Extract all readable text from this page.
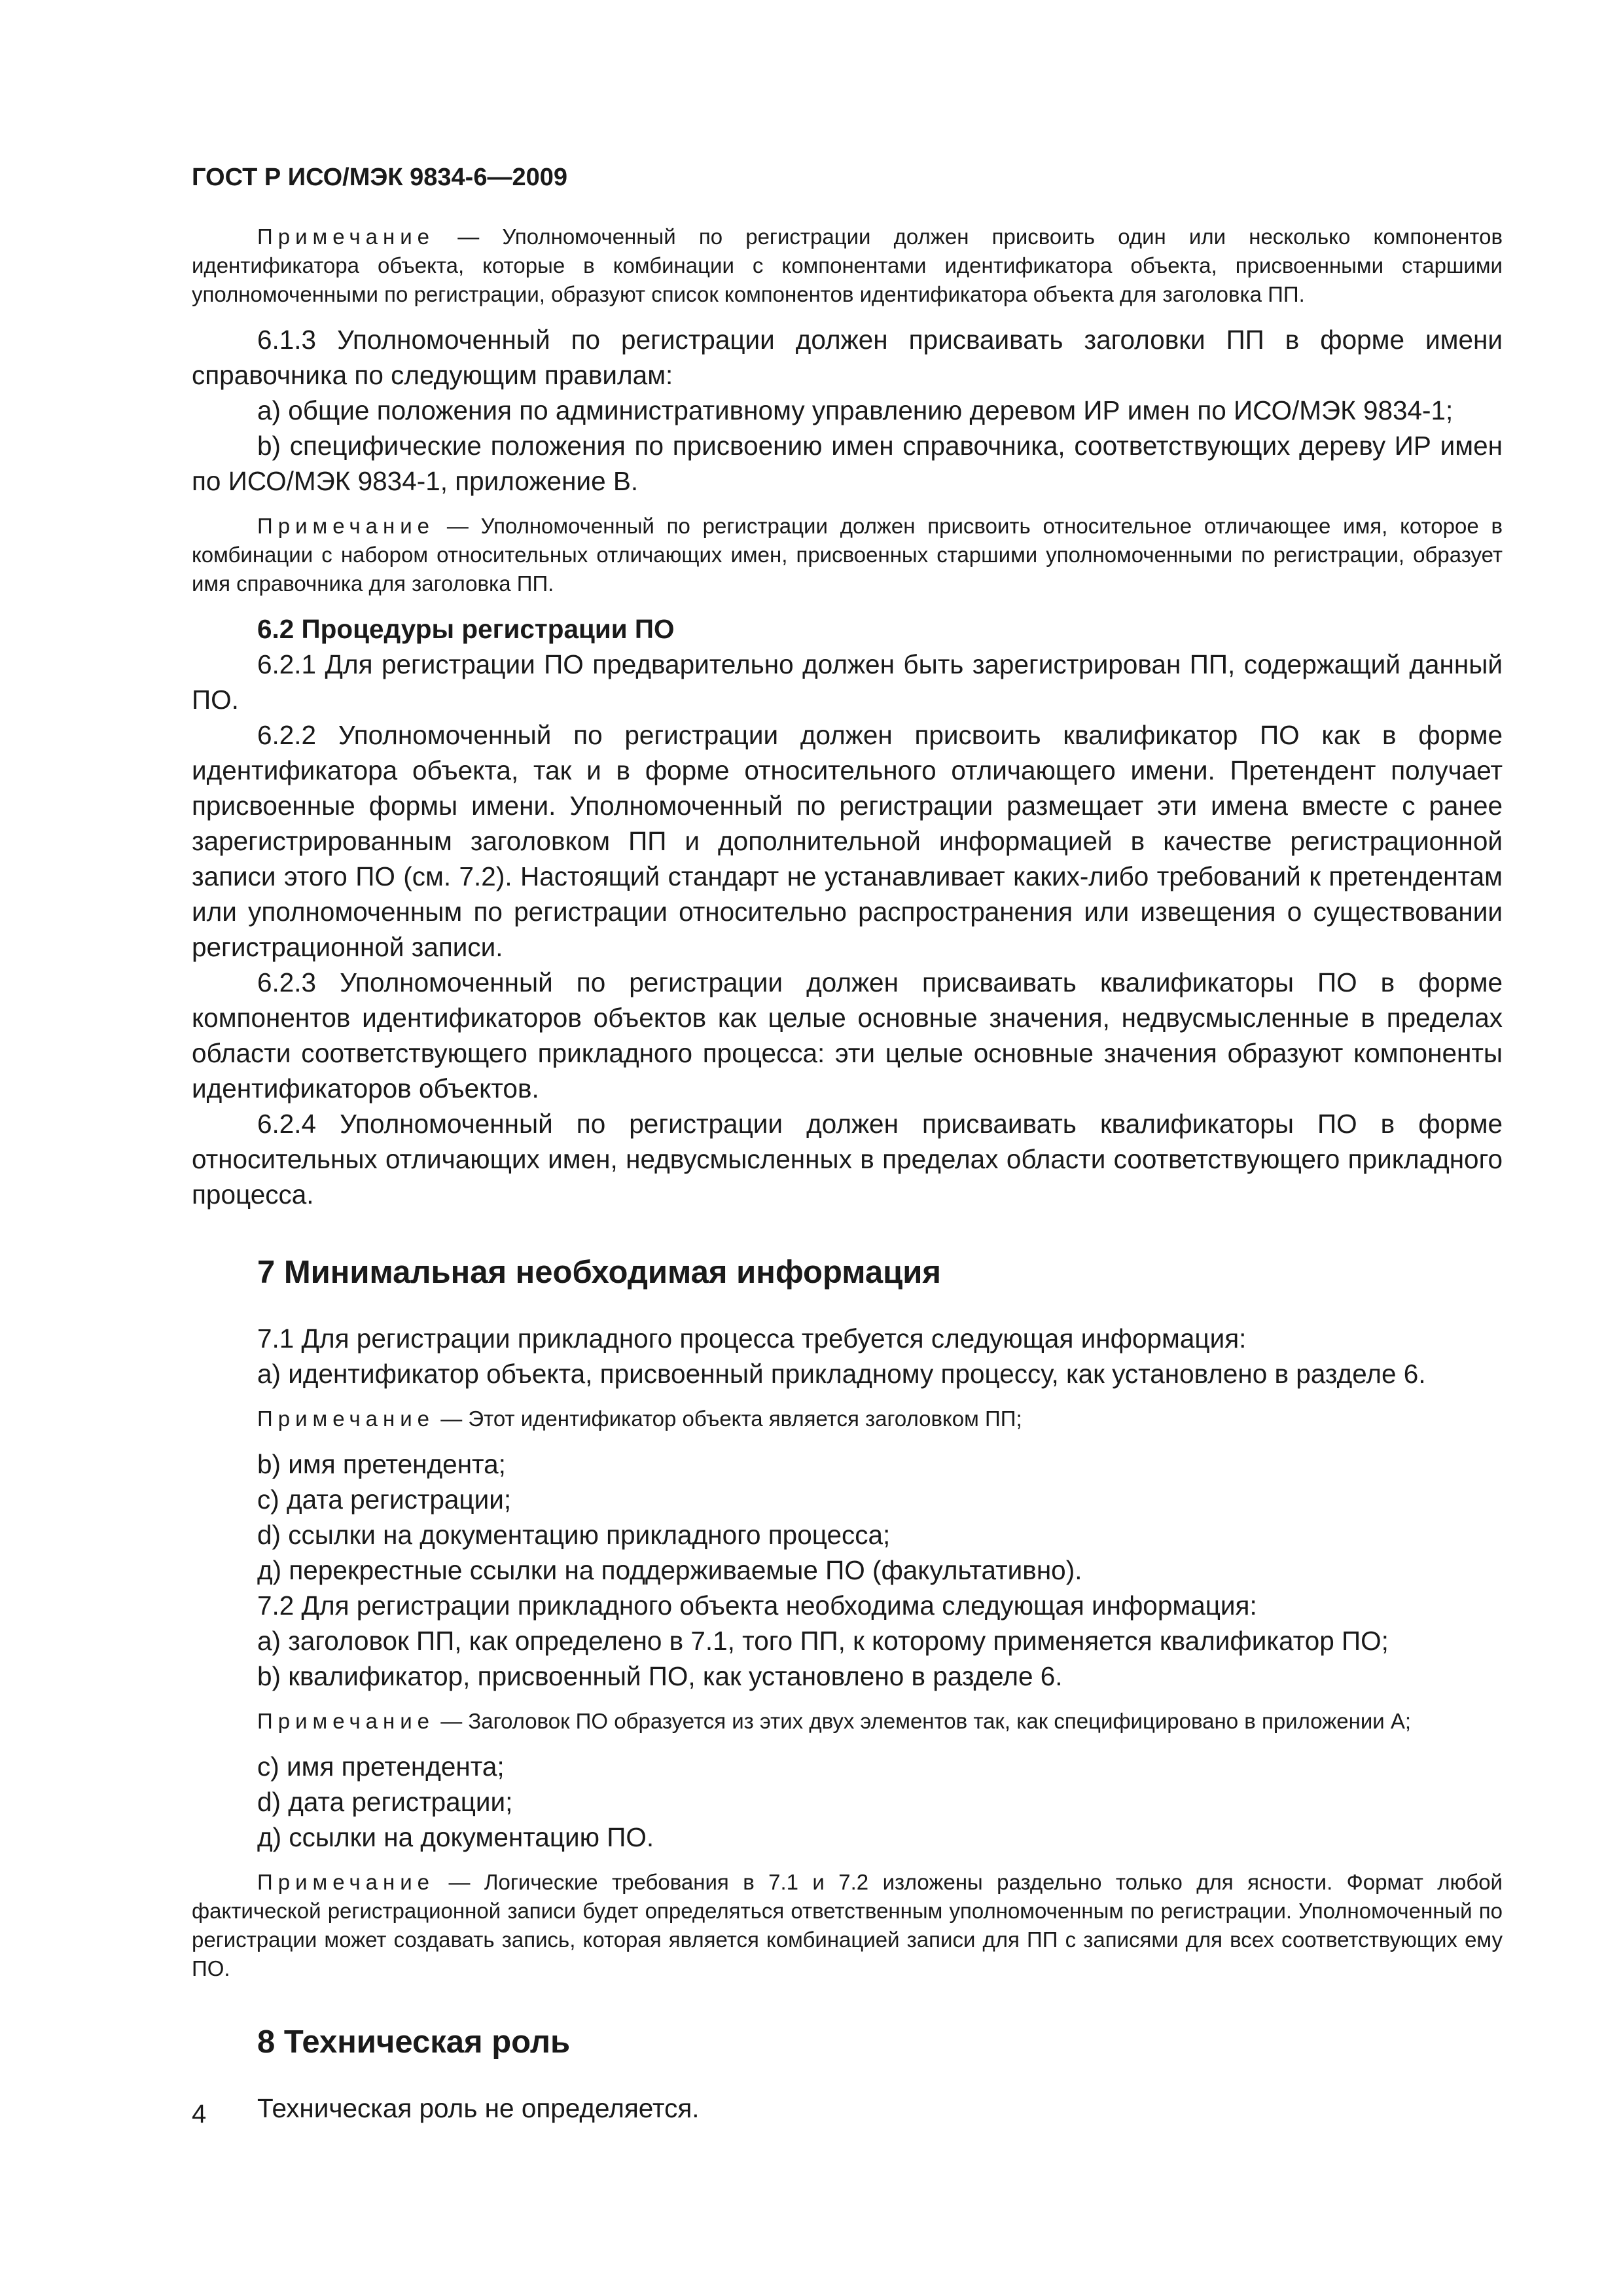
ГОСТ Р ИСО/МЭК 9834-6—2009

Примечание — Уполномоченный по регистрации должен присвоить один или несколько компонентов идентификатора объекта, которые в комбинации с компонентами идентификатора объекта, присвоенными старшими уполномоченными по регистрации, образуют список компонентов идентификатора объекта для заголовка ПП.

6.1.3 Уполномоченный по регистрации должен присваивать заголовки ПП в форме имени справочника по следующим правилам:

a) общие положения по административному управлению деревом ИР имен по ИСО/МЭК 9834-1;

b) специфические положения по присвоению имен справочника, соответствующих дереву ИР имен по ИСО/МЭК 9834-1, приложение В.

Примечание — Уполномоченный по регистрации должен присвоить относительное отличающее имя, которое в комбинации с набором относительных отличающих имен, присвоенных старшими уполномоченными по регистрации, образует имя справочника для заголовка ПП.

6.2 Процедуры регистрации ПО

6.2.1 Для регистрации ПО предварительно должен быть зарегистрирован ПП, содержащий данный ПО.

6.2.2 Уполномоченный по регистрации должен присвоить квалификатор ПО как в форме идентификатора объекта, так и в форме относительного отличающего имени. Претендент получает присвоенные формы имени. Уполномоченный по регистрации размещает эти имена вместе с ранее зарегистрированным заголовком ПП и дополнительной информацией в качестве регистрационной записи этого ПО (см. 7.2). Настоящий стандарт не устанавливает каких-либо требований к претендентам или уполномоченным по регистрации относительно распространения или извещения о существовании регистрационной записи.

6.2.3 Уполномоченный по регистрации должен присваивать квалификаторы ПО в форме компонентов идентификаторов объектов как целые основные значения, недвусмысленные в пределах области соответствующего прикладного процесса: эти целые основные значения образуют компоненты идентификаторов объектов.

6.2.4 Уполномоченный по регистрации должен присваивать квалификаторы ПО в форме относительных отличающих имен, недвусмысленных в пределах области соответствующего прикладного процесса.

7 Минимальная необходимая информация

7.1 Для регистрации прикладного процесса требуется следующая информация:

a) идентификатор объекта, присвоенный прикладному процессу, как установлено в разделе 6.

Примечание — Этот идентификатор объекта является заголовком ПП;

b) имя претендента;

c) дата регистрации;

d) ссылки на документацию прикладного процесса;

д) перекрестные ссылки на поддерживаемые ПО (факультативно).

7.2 Для регистрации прикладного объекта необходима следующая информация:

a) заголовок ПП, как определено в 7.1, того ПП, к которому применяется квалификатор ПО;

b) квалификатор, присвоенный ПО, как установлено в разделе 6.

Примечание — Заголовок ПО образуется из этих двух элементов так, как специфицировано в приложении А;

c) имя претендента;

d) дата регистрации;

д) ссылки на документацию ПО.

Примечание — Логические требования в 7.1 и 7.2 изложены раздельно только для ясности. Формат любой фактической регистрационной записи будет определяться ответственным уполномоченным по регистрации. Уполномоченный по регистрации может создавать запись, которая является комбинацией записи для ПП с записями для всех соответствующих ему ПО.

8 Техническая роль

Техническая роль не определяется.

4
